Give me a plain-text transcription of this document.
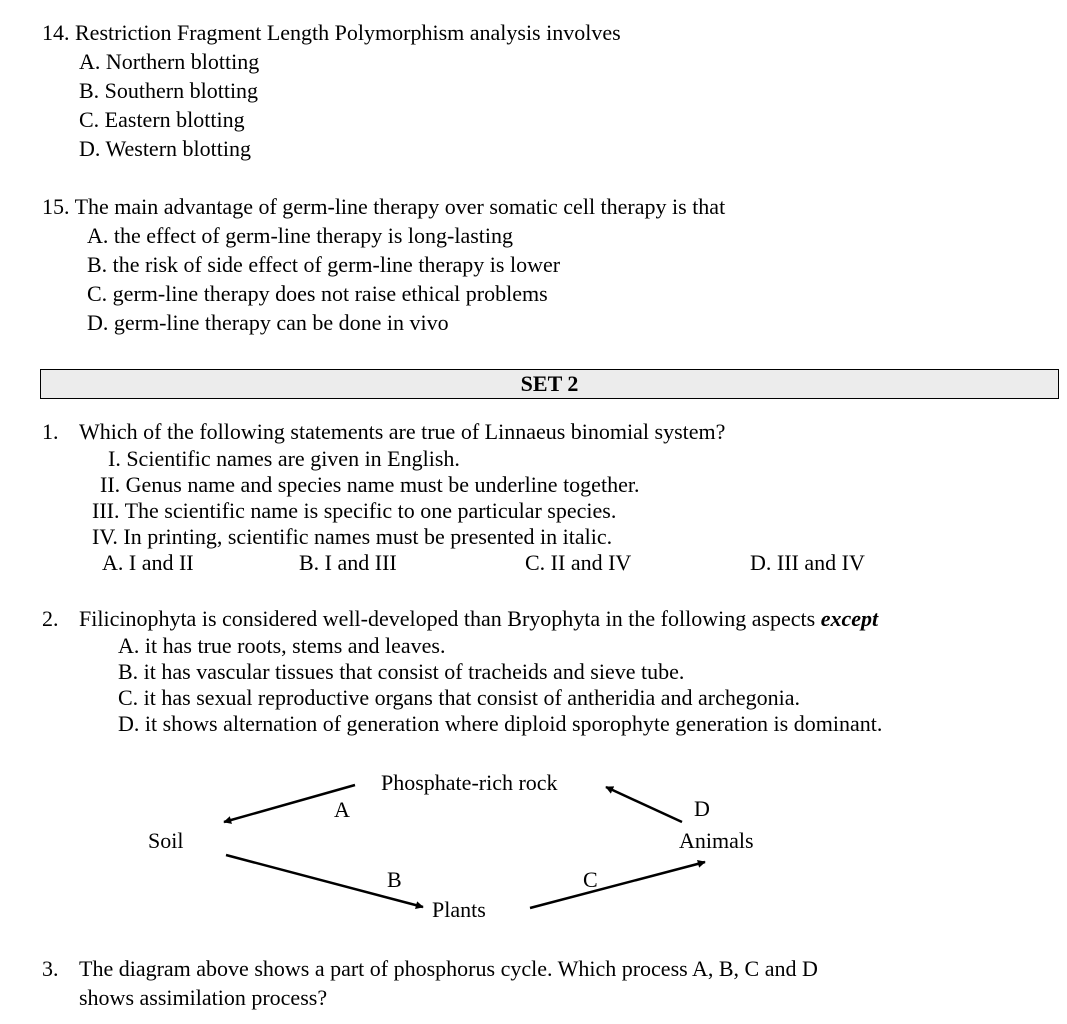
14. Restriction Fragment Length Polymorphism analysis involves
A. Northern blotting
B. Southern blotting
C. Eastern blotting
D. Western blotting
15. The main advantage of germ-line therapy over somatic cell therapy is that
A. the effect of germ-line therapy is long-lasting
B. the risk of side effect of germ-line therapy is lower
C. germ-line therapy does not raise ethical problems
D. germ-line therapy can be done in vivo
SET 2
1. Which of the following statements are true of Linnaeus binomial system?
I. Scientific names are given in English.
II. Genus name and species name must be underline together.
III. The scientific name is specific to one particular species.
IV. In printing, scientific names must be presented in italic.
A. I and II	B. I and III	C. II and IV	D. III and IV
2. Filicinophyta is considered well-developed than Bryophyta in the following aspects except
A. it has true roots, stems and leaves.
B. it has vascular tissues that consist of tracheids and sieve tube.
C. it has sexual reproductive organs that consist of antheridia and archegonia.
D. it shows alternation of generation where diploid sporophyte generation is dominant.
Phosphate-rich rock
Soil	Animals
Plants
A
B	C
D
3. The diagram above shows a part of phosphorus cycle. Which process A, B, C and D
shows assimilation process?
